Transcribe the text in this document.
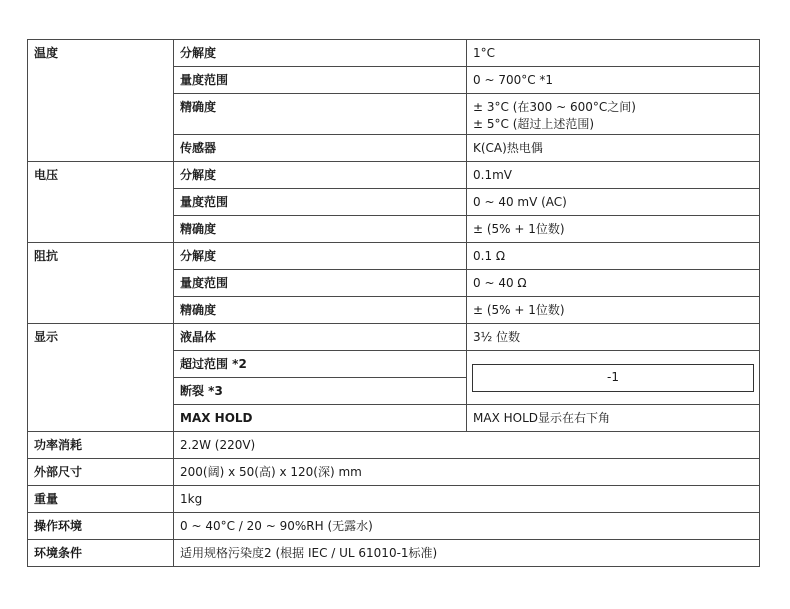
温度	分解度	1°C
	量度范围	0 ~ 700°C *1
	精确度	± 3°C (在300 ~ 600°C之间)
± 5°C (超过上述范围)

	传感器	K(CA)热电偶
电压	分解度	0.1mV
	量度范围	0 ~ 40 mV (AC)
	精确度	± (5% + 1位数)
阻抗	分解度	0.1 Ω
	量度范围	0 ~ 40 Ω
	精确度	± (5% + 1位数)
显示	液晶体	3½ 位数
	超过范围 *2	-1

	断裂 *3	
	MAX HOLD	MAX HOLD显示在右下角
功率消耗	2.2W (220V)	
外部尺寸	200(阔) x 50(高) x 120(深) mm	
重量	1kg	
操作环境	0 ~ 40°C / 20 ~ 90%RH (无露水)	
环境条件	适用规格污染度2 (根据 IEC / UL 61010-1标准)	
